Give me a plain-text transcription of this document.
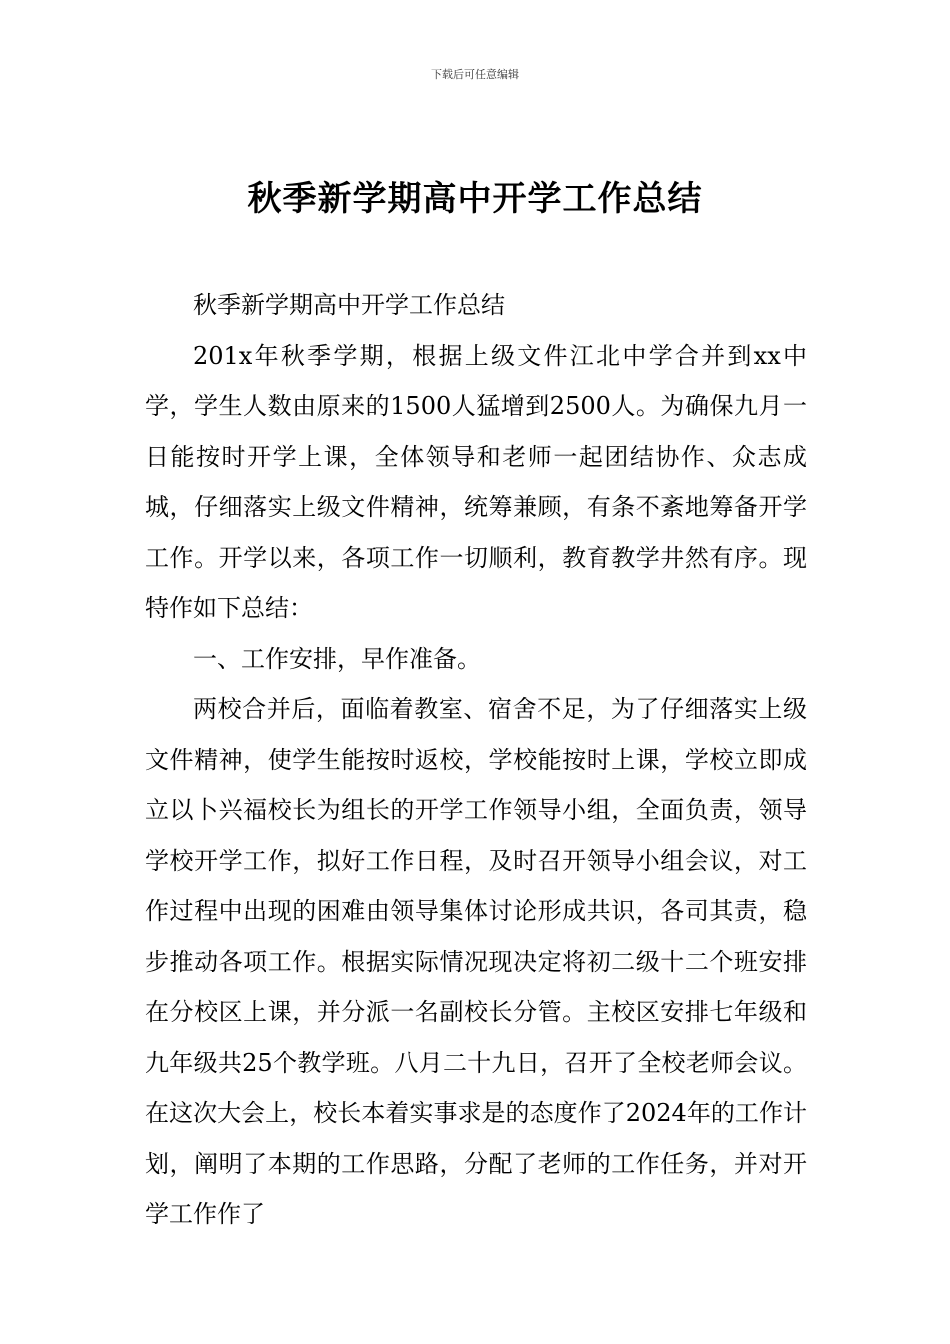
下载后可任意编辑
秋季新学期高中开学工作总结

秋季新学期高中开学工作总结

201x年秋季学期，根据上级文件江北中学合并到xx中学，学生人数由原来的1500人猛增到2500人。为确保九月一日能按时开学上课，全体领导和老师一起团结协作、众志成城，仔细落实上级文件精神，统筹兼顾，有条不紊地筹备开学工作。开学以来，各项工作一切顺利，教育教学井然有序。现特作如下总结：

一、工作安排，早作准备。

两校合并后，面临着教室、宿舍不足，为了仔细落实上级文件精神，使学生能按时返校，学校能按时上课，学校立即成立以卜兴福校长为组长的开学工作领导小组，全面负责，领导学校开学工作，拟好工作日程，及时召开领导小组会议，对工作过程中出现的困难由领导集体讨论形成共识，各司其责，稳步推动各项工作。根据实际情况现决定将初二级十二个班安排在分校区上课，并分派一名副校长分管。主校区安排七年级和九年级共25个教学班。八月二十九日，召开了全校老师会议。在这次大会上，校长本着实事求是的态度作了2024年的工作计划，阐明了本期的工作思路，分配了老师的工作任务，并对开学工作作了
